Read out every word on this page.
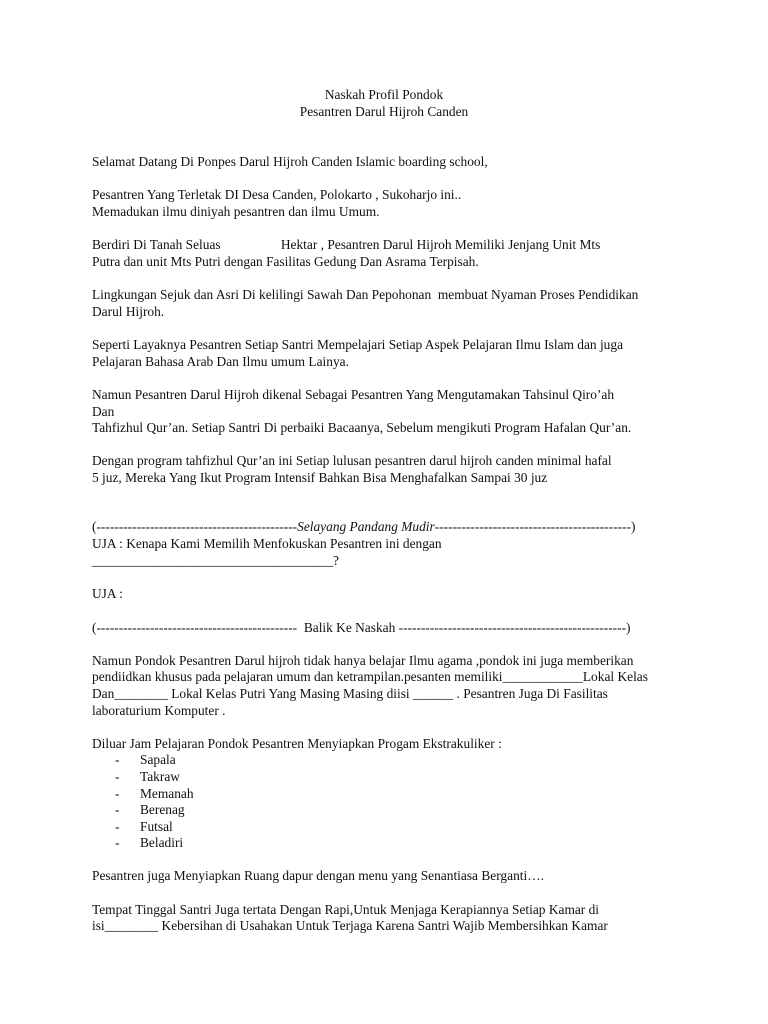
Naskah Profil Pondok
Pesantren Darul Hijroh Canden
Selamat Datang Di Ponpes Darul Hijroh Canden Islamic boarding school,
Pesantren Yang Terletak DI Desa Canden, Polokarto , Sukoharjo ini..
Memadukan ilmu diniyah pesantren dan ilmu Umum.
Berdiri Di Tanah Seluas                  Hektar , Pesantren Darul Hijroh Memiliki Jenjang Unit Mts
Putra dan unit Mts Putri dengan Fasilitas Gedung Dan Asrama Terpisah.
Lingkungan Sejuk dan Asri Di kelilingi Sawah Dan Pepohonan  membuat Nyaman Proses Pendidikan
Darul Hijroh.
Seperti Layaknya Pesantren Setiap Santri Mempelajari Setiap Aspek Pelajaran Ilmu Islam dan juga
Pelajaran Bahasa Arab Dan Ilmu umum Lainya.
Namun Pesantren Darul Hijroh dikenal Sebagai Pesantren Yang Mengutamakan Tahsinul Qiro’ah
Dan
Tahfizhul Qur’an. Setiap Santri Di perbaiki Bacaanya, Sebelum mengikuti Program Hafalan Qur’an.
Dengan program tahfizhul Qur’an ini Setiap lulusan pesantren darul hijroh canden minimal hafal
5 juz, Mereka Yang Ikut Program Intensif Bahkan Bisa Menghafalkan Sampai 30 juz
(---------------------------------------------Selayang Pandang Mudir--------------------------------------------)
UJA : Kenapa Kami Memilih Menfokuskan Pesantren ini dengan
____________________________________?
UJA :
(---------------------------------------------  Balik Ke Naskah ---------------------------------------------------)
Namun Pondok Pesantren Darul hijroh tidak hanya belajar Ilmu agama ,pondok ini juga memberikan
pendiidkan khusus pada pelajaran umum dan ketrampilan.pesanten memiliki____________Lokal Kelas
Dan________ Lokal Kelas Putri Yang Masing Masing diisi ______ . Pesantren Juga Di Fasilitas
laboraturium Komputer .
Diluar Jam Pelajaran Pondok Pesantren Menyiapkan Progam Ekstrakuliker :
- Sapala
- Takraw
- Memanah
- Berenag
- Futsal
- Beladiri
Pesantren juga Menyiapkan Ruang dapur dengan menu yang Senantiasa Berganti….
Tempat Tinggal Santri Juga tertata Dengan Rapi,Untuk Menjaga Kerapiannya Setiap Kamar di
isi________ Kebersihan di Usahakan Untuk Terjaga Karena Santri Wajib Membersihkan Kamar
